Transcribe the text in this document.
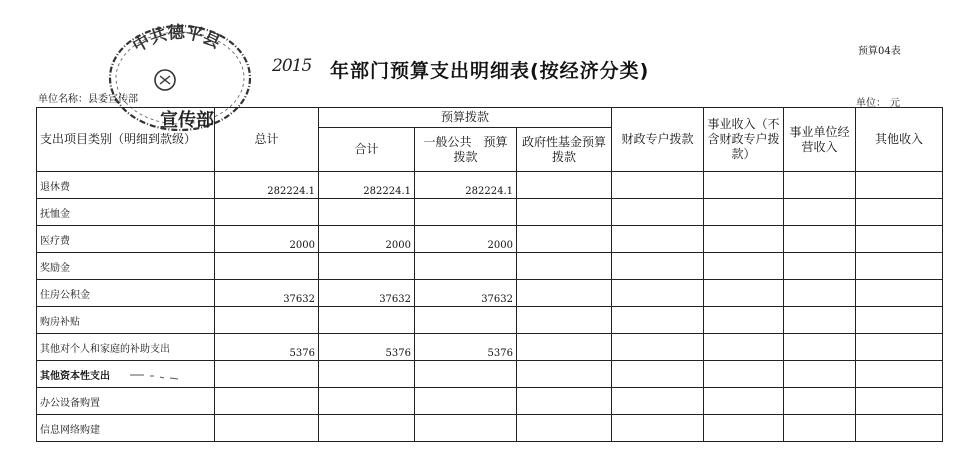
中共德平县
宣传部
2015 年部门预算支出明细表(按经济分类)
预算04表
单位名称：县委宣传部	单位： 元
支出项目类别（明细到款级）	总计	预算拨款			财政专户拨款	事业收入（不含财政专户拨款）	事业单位经营收入	其他收入
		合计	一般公共　预算拨款	政府性基金预算拨款				
退休费	282224.1	282224.1	282224.1					
抚恤金								
医疗费	2000	2000	2000					
奖励金								
住房公积金	37632	37632	37632					
购房补贴								
其他对个人和家庭的补助支出	5376	5376	5376					
其他资本性支出								
办公设备购置								
信息网络购建								
